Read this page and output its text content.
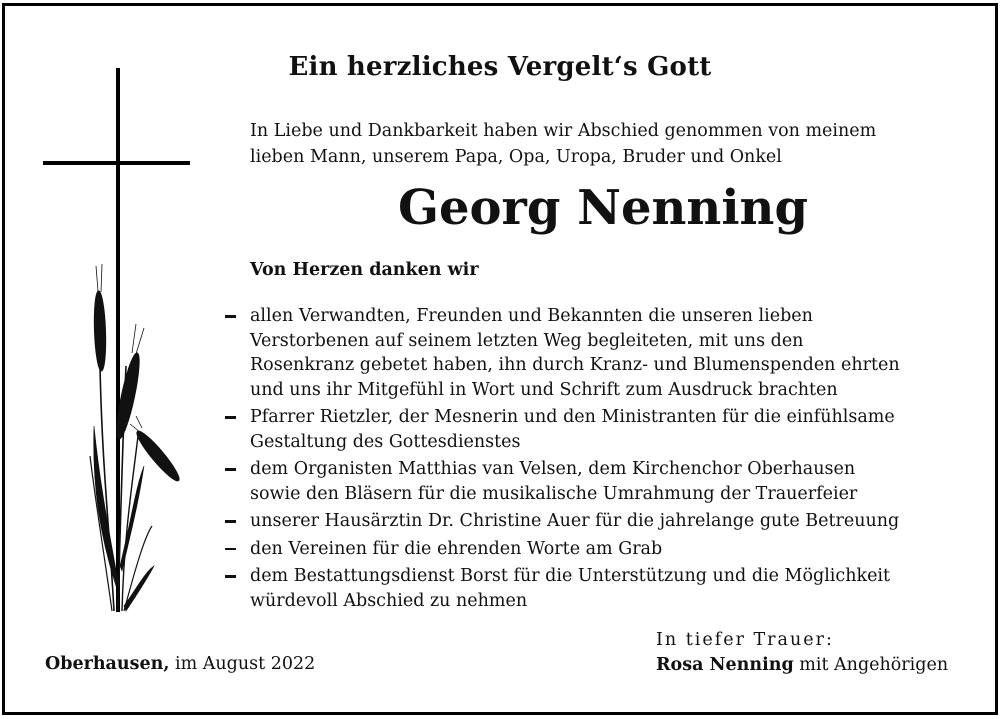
Ein herzliches Vergelt‘s Gott
In Liebe und Dankbarkeit haben wir Abschied genommen von meinem
lieben Mann, unserem Papa, Opa, Uropa, Bruder und Onkel
Georg Nenning
Von Herzen danken wir
allen Verwandten, Freunden und Bekannten die unseren lieben
Verstorbenen auf seinem letzten Weg begleiteten, mit uns den
Rosenkranz gebetet haben, ihn durch Kranz- und Blumenspenden ehrten
und uns ihr Mitgefühl in Wort und Schrift zum Ausdruck brachten
Pfarrer Rietzler, der Mesnerin und den Ministranten für die einfühlsame
Gestaltung des Gottesdienstes
dem Organisten Matthias van Velsen, dem Kirchenchor Oberhausen
sowie den Bläsern für die musikalische Umrahmung der Trauerfeier
unserer Hausärztin Dr. Christine Auer für die jahrelange gute Betreuung
den Vereinen für die ehrenden Worte am Grab
dem Bestattungsdienst Borst für die Unterstützung und die Möglichkeit
würdevoll Abschied zu nehmen
Oberhausen, im August 2022
In tiefer Trauer:
Rosa Nenning mit Angehörigen
